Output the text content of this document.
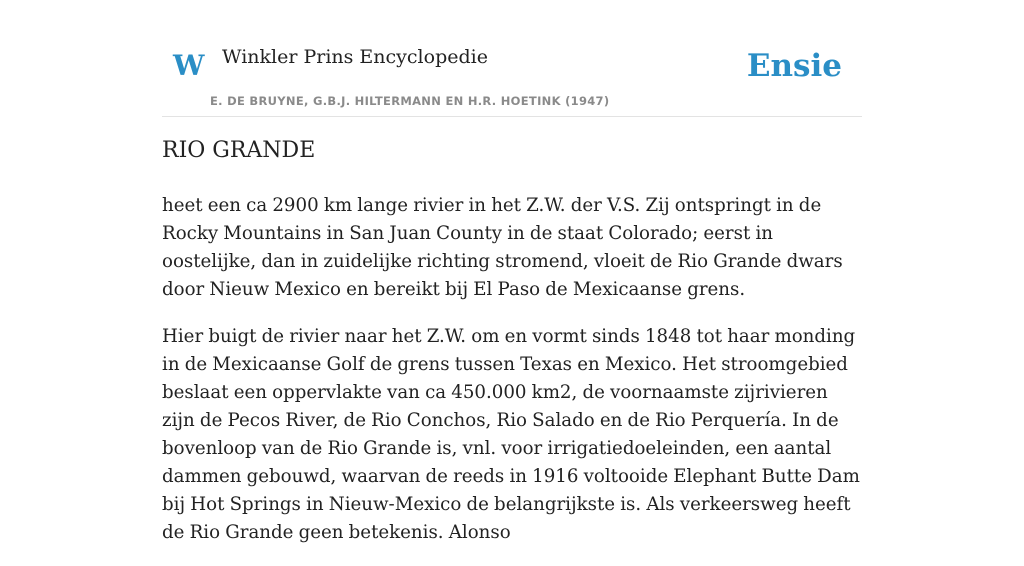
W Winkler Prins Encyclopedie
E. DE BRUYNE, G.B.J. HILTERMANN EN H.R. HOETINK (1947)
Ensie
RIO GRANDE

heet een ca 2900 km lange rivier in het Z.W. der V.S. Zij ontspringt in de Rocky Mountains in San Juan County in de staat Colorado; eerst in oostelijke, dan in zuidelijke richting stromend, vloeit de Rio Grande dwars door Nieuw Mexico en bereikt bij El Paso de Mexicaanse grens.

Hier buigt de rivier naar het Z.W. om en vormt sinds 1848 tot haar monding in de Mexicaanse Golf de grens tussen Texas en Mexico. Het stroomgebied beslaat een oppervlakte van ca 450.000 km2, de voornaamste zijrivieren zijn de Pecos River, de Rio Conchos, Rio Salado en de Rio Perquería. In de bovenloop van de Rio Grande is, vnl. voor irrigatiedoeleinden, een aantal dammen gebouwd, waarvan de reeds in 1916 voltooide Elephant Butte Dam bij Hot Springs in Nieuw-Mexico de belangrijkste is. Als verkeersweg heeft de Rio Grande geen betekenis. Alonso
